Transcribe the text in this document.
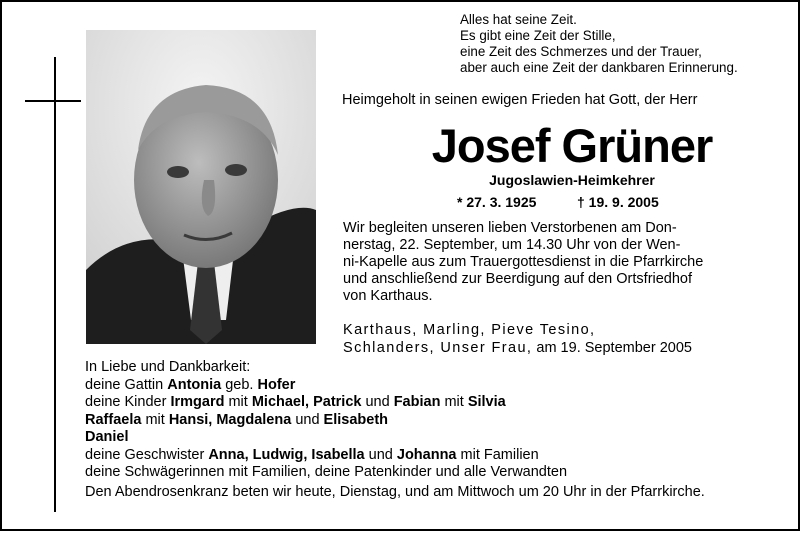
Alles hat seine Zeit.
Es gibt eine Zeit der Stille,
eine Zeit des Schmerzes und der Trauer,
aber auch eine Zeit der dankbaren Erinnerung.
Heimgeholt in seinen ewigen Frieden hat Gott, der Herr
Josef Grüner
Jugoslawien-Heimkehrer
* 27. 3. 1925	† 19. 9. 2005
Wir begleiten unseren lieben Verstorbenen am Don-
nerstag, 22. September, um 14.30 Uhr von der Wen-
ni-Kapelle aus zum Trauergottesdienst in die Pfarrkirche
und anschließend zur Beerdigung auf den Ortsfriedhof
von Karthaus.
Karthaus, Marling, Pieve Tesino,
Schlanders, Unser Frau, am 19. September 2005
In Liebe und Dankbarkeit:
deine Gattin Antonia geb. Hofer
deine Kinder Irmgard mit Michael, Patrick und Fabian mit Silvia
Raffaela mit Hansi, Magdalena und Elisabeth
Daniel
deine Geschwister Anna, Ludwig, Isabella und Johanna mit Familien
deine Schwägerinnen mit Familien, deine Patenkinder und alle Verwandten
Den Abendrosenkranz beten wir heute, Dienstag, und am Mittwoch um 20 Uhr in der Pfarrkirche.
